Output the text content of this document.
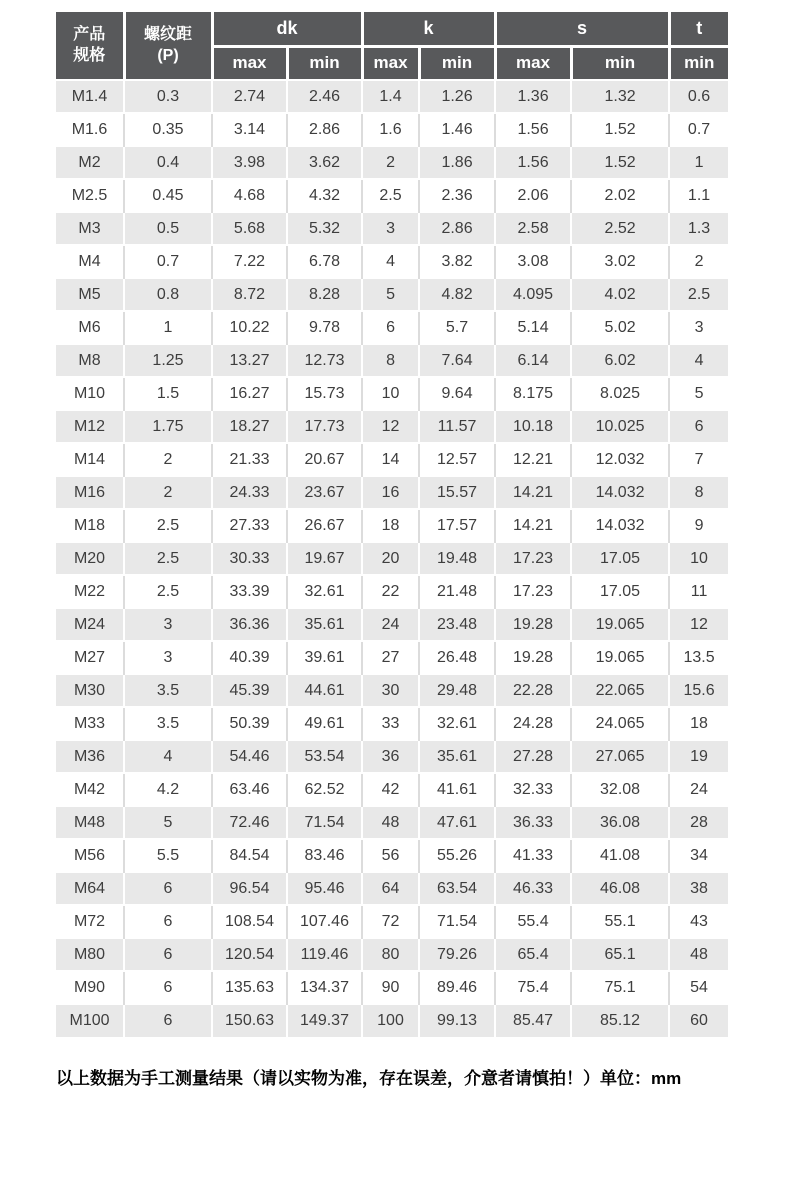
产品
规格	螺纹距
(P)	dk		k		s		t
		max	min	max	min	max	min	min
M1.4	0.3	2.74	2.46	1.4	1.26	1.36	1.32	0.6
M1.6	0.35	3.14	2.86	1.6	1.46	1.56	1.52	0.7
M2	0.4	3.98	3.62	2	1.86	1.56	1.52	1
M2.5	0.45	4.68	4.32	2.5	2.36	2.06	2.02	1.1
M3	0.5	5.68	5.32	3	2.86	2.58	2.52	1.3
M4	0.7	7.22	6.78	4	3.82	3.08	3.02	2
M5	0.8	8.72	8.28	5	4.82	4.095	4.02	2.5
M6	1	10.22	9.78	6	5.7	5.14	5.02	3
M8	1.25	13.27	12.73	8	7.64	6.14	6.02	4
M10	1.5	16.27	15.73	10	9.64	8.175	8.025	5
M12	1.75	18.27	17.73	12	11.57	10.18	10.025	6
M14	2	21.33	20.67	14	12.57	12.21	12.032	7
M16	2	24.33	23.67	16	15.57	14.21	14.032	8
M18	2.5	27.33	26.67	18	17.57	14.21	14.032	9
M20	2.5	30.33	19.67	20	19.48	17.23	17.05	10
M22	2.5	33.39	32.61	22	21.48	17.23	17.05	11
M24	3	36.36	35.61	24	23.48	19.28	19.065	12
M27	3	40.39	39.61	27	26.48	19.28	19.065	13.5
M30	3.5	45.39	44.61	30	29.48	22.28	22.065	15.6
M33	3.5	50.39	49.61	33	32.61	24.28	24.065	18
M36	4	54.46	53.54	36	35.61	27.28	27.065	19
M42	4.2	63.46	62.52	42	41.61	32.33	32.08	24
M48	5	72.46	71.54	48	47.61	36.33	36.08	28
M56	5.5	84.54	83.46	56	55.26	41.33	41.08	34
M64	6	96.54	95.46	64	63.54	46.33	46.08	38
M72	6	108.54	107.46	72	71.54	55.4	55.1	43
M80	6	120.54	119.46	80	79.26	65.4	65.1	48
M90	6	135.63	134.37	90	89.46	75.4	75.1	54
M100	6	150.63	149.37	100	99.13	85.47	85.12	60
以上数据为手工测量结果（请以实物为准，存在误差，介意者请慎拍！）单位：mm
